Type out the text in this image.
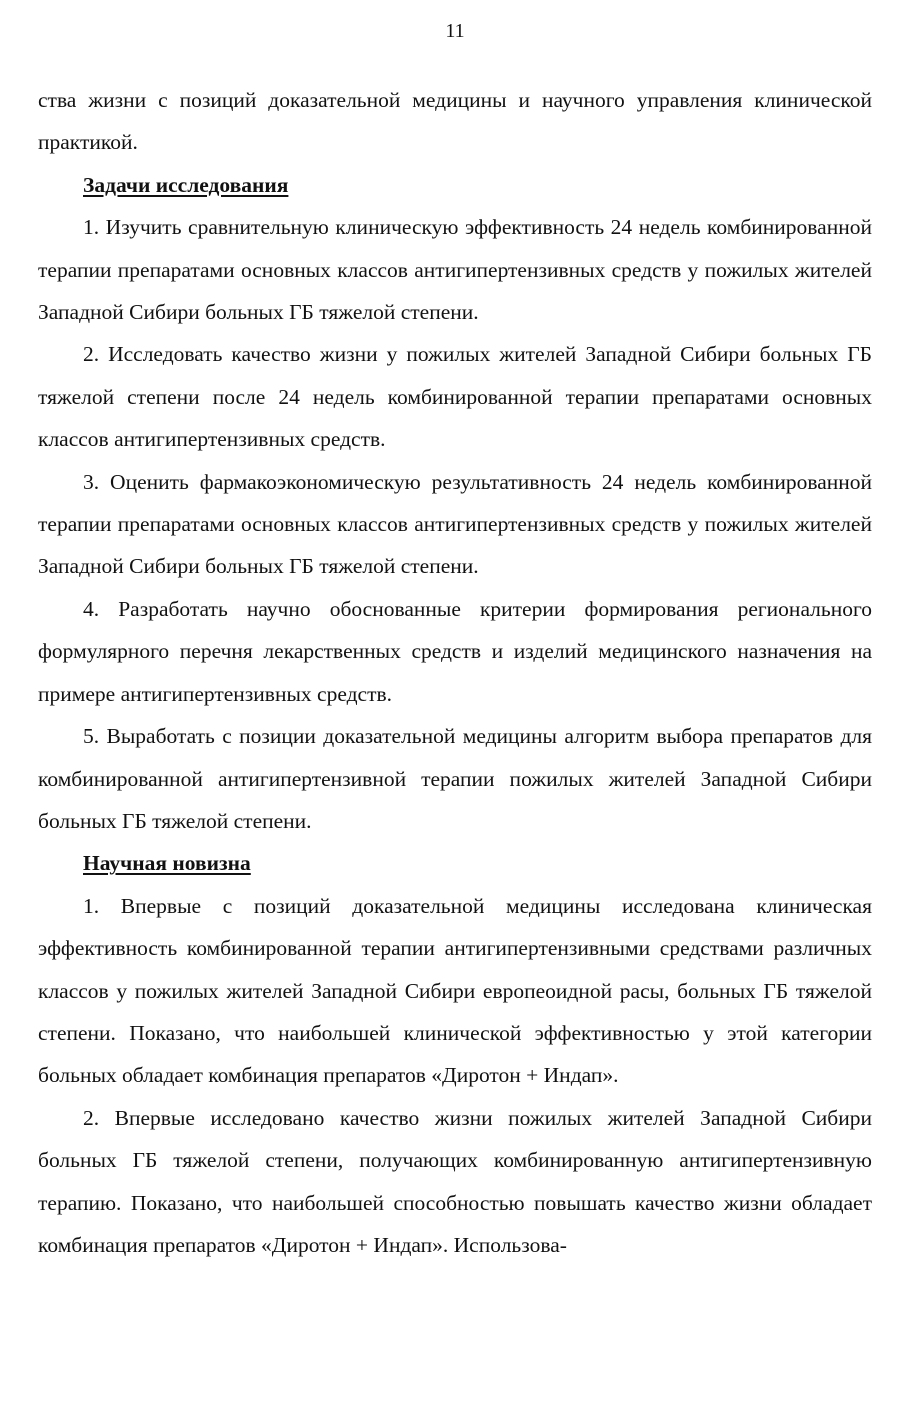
11

ства жизни с позиций доказательной медицины и научного управления клинической практикой.

Задачи исследования

1. Изучить сравнительную клиническую эффективность 24 недель комбинированной терапии препаратами основных классов антигипертензивных средств у пожилых жителей Западной Сибири больных ГБ тяжелой степени.

2. Исследовать качество жизни у пожилых жителей Западной Сибири больных ГБ тяжелой степени после 24 недель комбинированной терапии препаратами основных классов антигипертензивных средств.

3. Оценить фармакоэкономическую результативность 24 недель комбинированной терапии препаратами основных классов антигипертензивных средств у пожилых жителей Западной Сибири больных ГБ тяжелой степени.

4. Разработать научно обоснованные критерии формирования регионального формулярного перечня лекарственных средств и изделий медицинского назначения на примере антигипертензивных средств.

5. Выработать с позиции доказательной медицины алгоритм выбора препаратов для комбинированной антигипертензивной терапии пожилых жителей Западной Сибири больных ГБ тяжелой степени.

Научная новизна

1. Впервые с позиций доказательной медицины исследована клиническая эффективность комбинированной терапии антигипертензивными средствами различных классов у пожилых жителей Западной Сибири европеоидной расы, больных ГБ тяжелой степени. Показано, что наибольшей клинической эффективностью у этой категории больных обладает комбинация препаратов «Диротон + Индап».

2. Впервые исследовано качество жизни пожилых жителей Западной Сибири больных ГБ тяжелой степени, получающих комбинированную антигипертензивную терапию. Показано, что наибольшей способностью повышать качество жизни обладает комбинация препаратов «Диротон + Индап». Использова-
